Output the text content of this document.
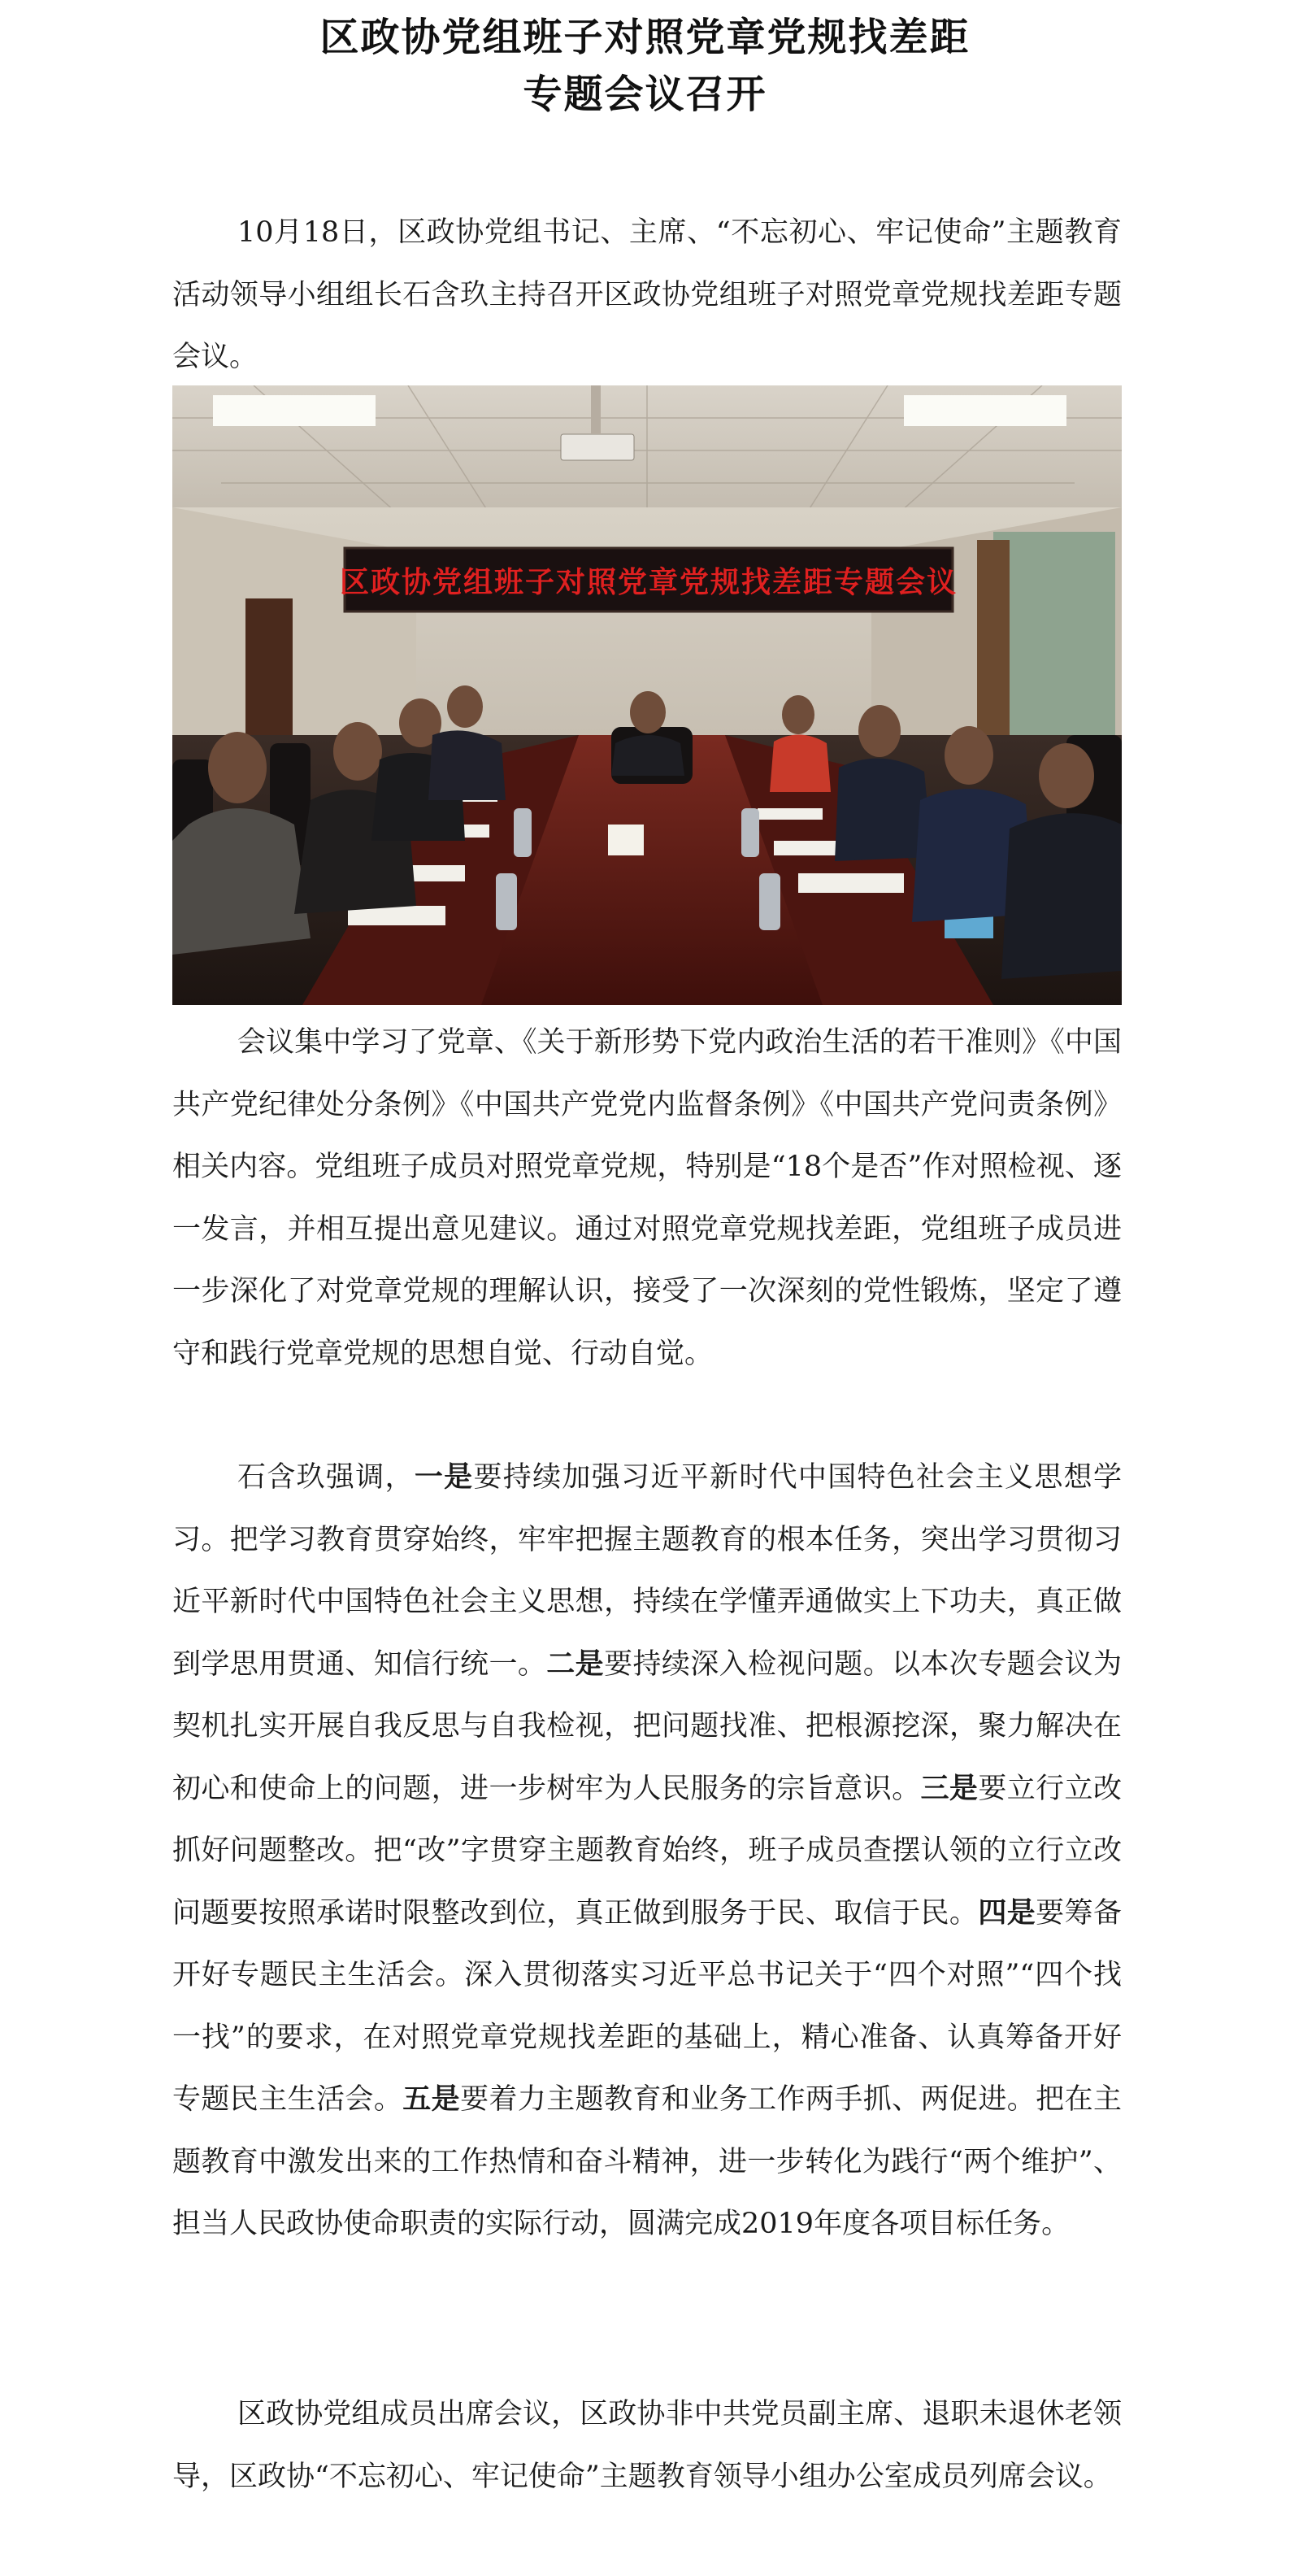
区政协党组班子对照党章党规找差距
专题会议召开

10月18日，区政协党组书记、主席、“不忘初心、牢记使命”主题教育活动领导小组组长石含玖主持召开区政协党组班子对照党章党规找差距专题会议。

区政协党组班子对照党章党规找差距专题会议

会议集中学习了党章、《关于新形势下党内政治生活的若干准则》《中国共产党纪律处分条例》《中国共产党党内监督条例》《中国共产党问责条例》相关内容。党组班子成员对照党章党规，特别是“18个是否”作对照检视、逐一发言，并相互提出意见建议。通过对照党章党规找差距，党组班子成员进一步深化了对党章党规的理解认识，接受了一次深刻的党性锻炼，坚定了遵守和践行党章党规的思想自觉、行动自觉。

石含玖强调，一是要持续加强习近平新时代中国特色社会主义思想学习。把学习教育贯穿始终，牢牢把握主题教育的根本任务，突出学习贯彻习近平新时代中国特色社会主义思想，持续在学懂弄通做实上下功夫，真正做到学思用贯通、知信行统一。二是要持续深入检视问题。以本次专题会议为契机扎实开展自我反思与自我检视，把问题找准、把根源挖深，聚力解决在初心和使命上的问题，进一步树牢为人民服务的宗旨意识。三是要立行立改抓好问题整改。把“改”字贯穿主题教育始终，班子成员查摆认领的立行立改问题要按照承诺时限整改到位，真正做到服务于民、取信于民。四是要筹备开好专题民主生活会。深入贯彻落实习近平总书记关于“四个对照”“四个找一找”的要求，在对照党章党规找差距的基础上，精心准备、认真筹备开好专题民主生活会。五是要着力主题教育和业务工作两手抓、两促进。把在主题教育中激发出来的工作热情和奋斗精神，进一步转化为践行“两个维护”、担当人民政协使命职责的实际行动，圆满完成2019年度各项目标任务。

区政协党组成员出席会议，区政协非中共党员副主席、退职未退休老领导，区政协“不忘初心、牢记使命”主题教育领导小组办公室成员列席会议。
